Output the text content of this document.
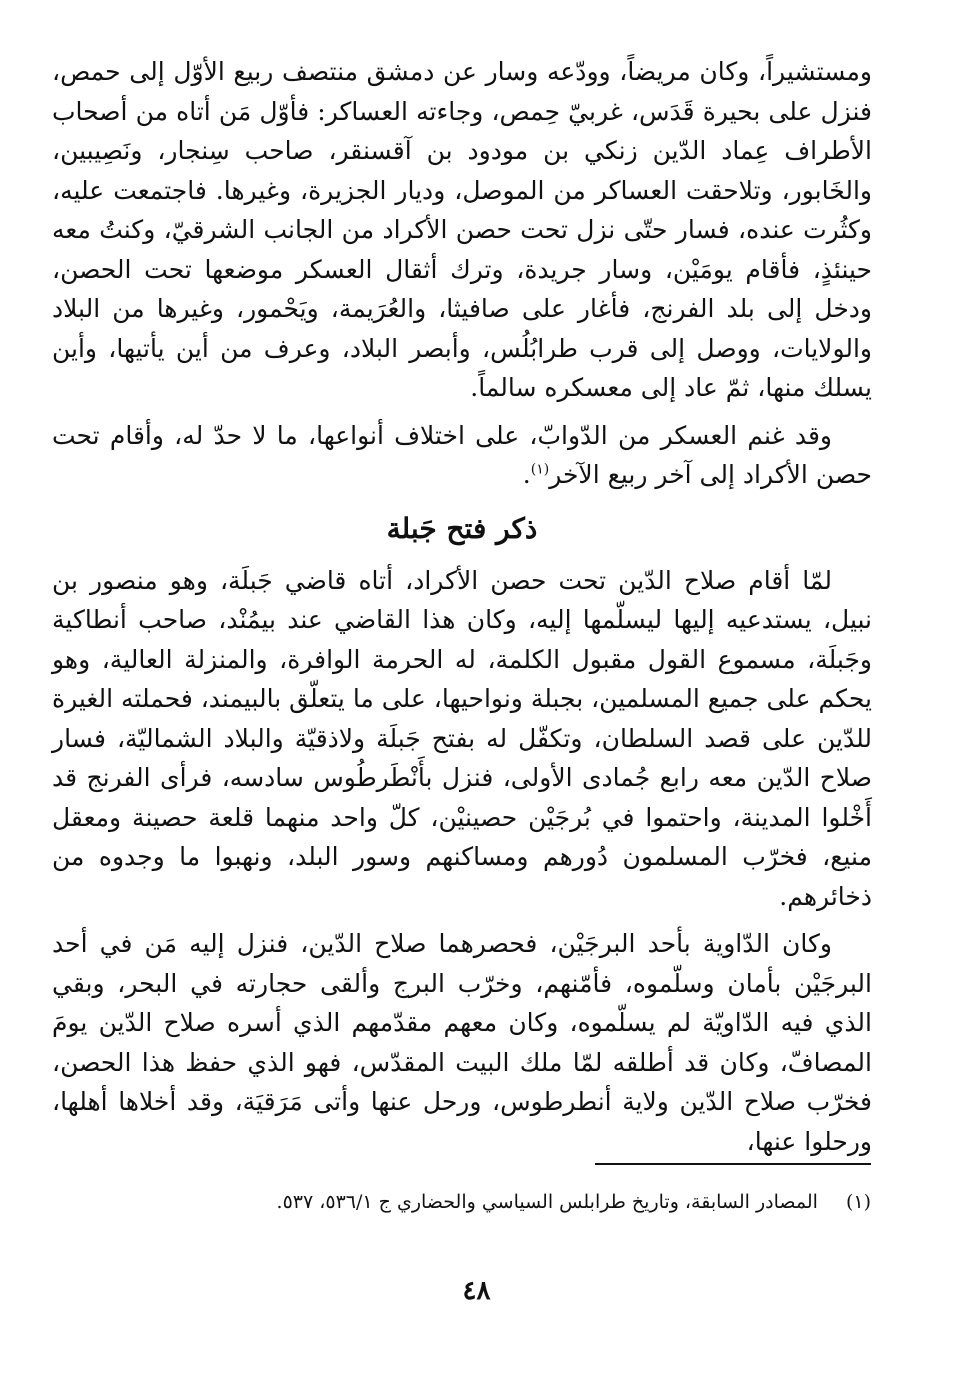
ومستشيراً، وكان مريضاً، وودّعه وسار عن دمشق منتصف ربيع الأوّل إلى حمص، فنزل على بحيرة قَدَس، غربيّ حِمص، وجاءته العساكر: فأوّل مَن أتاه من أصحاب الأطراف عِماد الدّين زنكي بن مودود بن آقسنقر، صاحب سِنجار، ونَصِيبين، والخَابور، وتلاحقت العساكر من الموصل، وديار الجزيرة، وغيرها. فاجتمعت عليه، وكثُرت عنده، فسار حتّى نزل تحت حصن الأكراد من الجانب الشرقيّ، وكنتُ معه حينئذٍ، فأقام يومَيْن، وسار جريدة، وترك أثقال العسكر موضعها تحت الحصن، ودخل إلى بلد الفرنج، فأغار على صافيثا، والعُرَيمة، ويَحْمور، وغيرها من البلاد والولايات، ووصل إلى قرب طرابُلُس، وأبصر البلاد، وعرف من أين يأتيها، وأين يسلك منها، ثمّ عاد إلى معسكره سالماً.

وقد غنم العسكر من الدّوابّ، على اختلاف أنواعها، ما لا حدّ له، وأقام تحت حصن الأكراد إلى آخر ربيع الآخر$^{(١)}$.

ذكر فتح جَبلة

لمّا أقام صلاح الدّين تحت حصن الأكراد، أتاه قاضي جَبلَة، وهو منصور بن نبيل، يستدعيه إليها ليسلّمها إليه، وكان هذا القاضي عند بيمُنْد، صاحب أنطاكية وجَبلَة، مسموع القول مقبول الكلمة، له الحرمة الوافرة، والمنزلة العالية، وهو يحكم على جميع المسلمين، بجبلة ونواحيها، على ما يتعلّق بالبيمند، فحملته الغيرة للدّين على قصد السلطان، وتكفّل له بفتح جَبلَة ولاذقيّة والبلاد الشماليّة، فسار صلاح الدّين معه رابع جُمادى الأولى، فنزل بأَنْطَرطُوس سادسه، فرأى الفرنج قد أَخْلوا المدينة، واحتموا في بُرجَيْن حصينيْن، كلّ واحد منهما قلعة حصينة ومعقل منيع، فخرّب المسلمون دُورهم ومساكنهم وسور البلد، ونهبوا ما وجدوه من ذخائرهم.

وكان الدّاوية بأحد البرجَيْن، فحصرهما صلاح الدّين، فنزل إليه مَن في أحد البرجَيْن بأمان وسلّموه، فأمّنهم، وخرّب البرج وألقى حجارته في البحر، وبقي الذي فيه الدّاويّة لم يسلّموه، وكان معهم مقدّمهم الذي أسره صلاح الدّين يومَ المصافّ، وكان قد أطلقه لمّا ملك البيت المقدّس، فهو الذي حفظ هذا الحصن، فخرّب صلاح الدّين ولاية أنطرطوس، ورحل عنها وأتى مَرَقيَة، وقد أخلاها أهلها، ورحلوا عنها،

(١)المصادر السابقة، وتاريخ طرابلس السياسي والحضاري ج ٥٣٦/١، ٥٣٧.
٤٨
